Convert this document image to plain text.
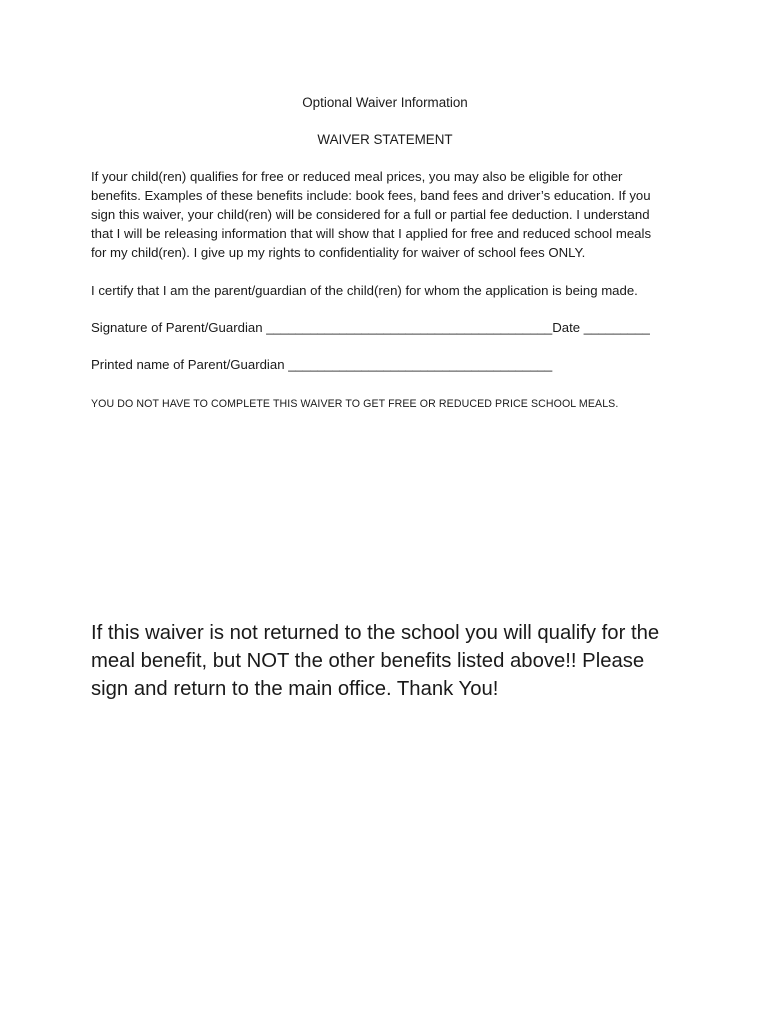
Optional Waiver Information
WAIVER STATEMENT
If your child(ren) qualifies for free or reduced meal prices, you may also be eligible for other
benefits. Examples of these benefits include: book fees, band fees and driver’s education. If you
sign this waiver, your child(ren) will be considered for a full or partial fee deduction. I understand
that I will be releasing information that will show that I applied for free and reduced school meals
for my child(ren). I give up my rights to confidentiality for waiver of school fees ONLY.
I certify that I am the parent/guardian of the child(ren) for whom the application is being made.
Signature of Parent/Guardian _______________________________________Date _________
Printed name of Parent/Guardian ____________________________________
YOU DO NOT HAVE TO COMPLETE THIS WAIVER TO GET FREE OR REDUCED PRICE SCHOOL MEALS.
If this waiver is not returned to the school you will qualify for the
meal benefit, but NOT the other benefits listed above!! Please
sign and return to the main office. Thank You!
